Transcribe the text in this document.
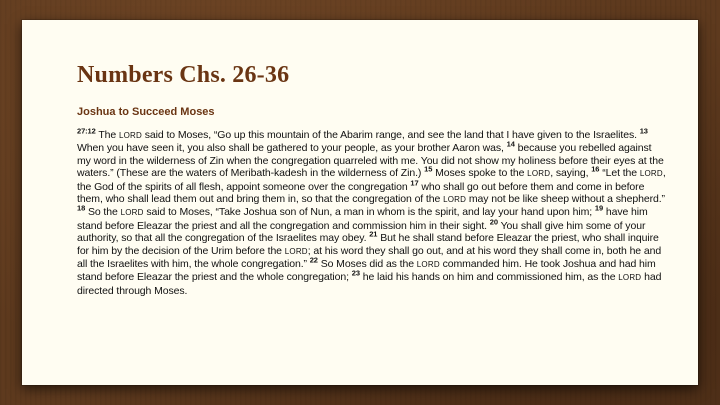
Numbers Chs. 26-36
Joshua to Succeed Moses

$^{27:12}$ The LORD said to Moses, “Go up this mountain of the Abarim range, and see the land that I have given to the Israelites. $^{13}$ When you have seen it, you also shall be gathered to your people, as your brother Aaron was, $^{14}$ because you rebelled against my word in the wilderness of Zin when the congregation quarreled with me. You did not show my holiness before their eyes at the waters.” (These are the waters of Meribath-kadesh in the wilderness of Zin.) $^{15}$ Moses spoke to the LORD, saying, $^{16}$ “Let the LORD, the God of the spirits of all flesh, appoint someone over the congregation $^{17}$ who shall go out before them and come in before them, who shall lead them out and bring them in, so that the congregation of the LORD may not be like sheep without a shepherd.” $^{18}$ So the LORD said to Moses, “Take Joshua son of Nun, a man in whom is the spirit, and lay your hand upon him; $^{19}$ have him stand before Eleazar the priest and all the congregation and commission him in their sight. $^{20}$ You shall give him some of your authority, so that all the congregation of the Israelites may obey. $^{21}$ But he shall stand before Eleazar the priest, who shall inquire for him by the decision of the Urim before the LORD; at his word they shall go out, and at his word they shall come in, both he and all the Israelites with him, the whole congregation.” $^{22}$ So Moses did as the LORD commanded him. He took Joshua and had him stand before Eleazar the priest and the whole congregation; $^{23}$ he laid his hands on him and commissioned him, as the LORD had directed through Moses.
